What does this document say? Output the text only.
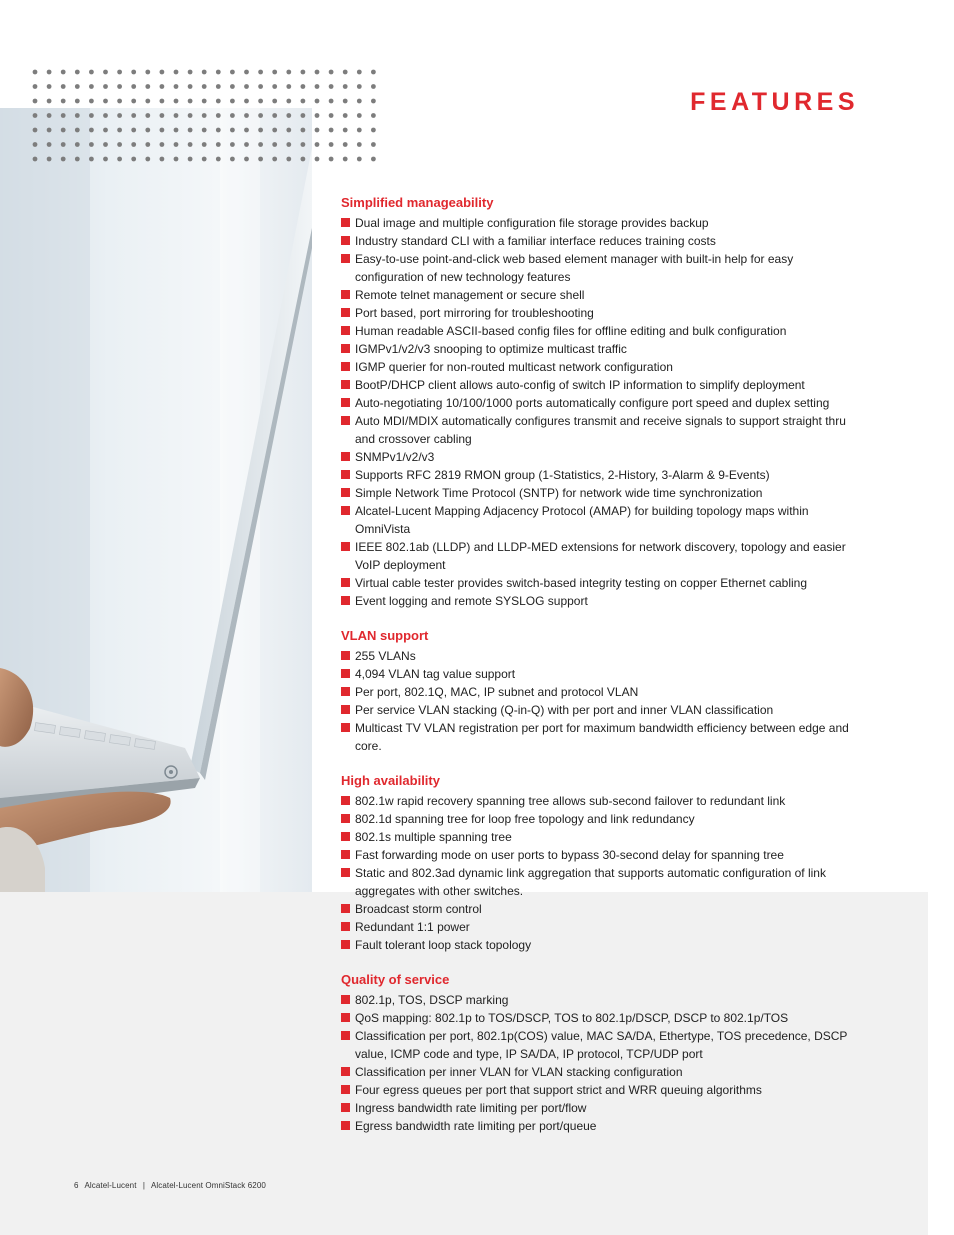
FEATURES
Simplified manageability
Dual image and multiple configuration file storage provides backup
Industry standard CLI with a familiar interface reduces training costs
Easy-to-use point-and-click web based element manager with built-in help for easy configuration of new technology features
Remote telnet management or secure shell
Port based, port mirroring for troubleshooting
Human readable ASCII-based config files for offline editing and bulk configuration
IGMPv1/v2/v3 snooping to optimize multicast traffic
IGMP querier for non-routed multicast network configuration
BootP/DHCP client allows auto-config of switch IP information to simplify deployment
Auto-negotiating 10/100/1000 ports automatically configure port speed and duplex setting
Auto MDI/MDIX automatically configures transmit and receive signals to support straight thru and crossover cabling
SNMPv1/v2/v3
Supports RFC 2819 RMON group (1-Statistics, 2-History, 3-Alarm & 9-Events)
Simple Network Time Protocol (SNTP) for network wide time synchronization
Alcatel-Lucent Mapping Adjacency Protocol (AMAP) for building topology maps within OmniVista
IEEE 802.1ab (LLDP) and LLDP-MED extensions for network discovery, topology and easier VoIP deployment
Virtual cable tester provides switch-based integrity testing on copper Ethernet cabling
Event logging and remote SYSLOG support
VLAN support
255 VLANs
4,094 VLAN tag value support
Per port, 802.1Q, MAC, IP subnet and protocol VLAN
Per service VLAN stacking (Q-in-Q) with per port and inner VLAN classification
Multicast TV VLAN registration per port for maximum bandwidth efficiency between edge and core.
High availability
802.1w rapid recovery spanning tree allows sub-second failover to redundant link
802.1d spanning tree for loop free topology and link redundancy
802.1s multiple spanning tree
Fast forwarding mode on user ports to bypass 30-second delay for spanning tree
Static and 802.3ad dynamic link aggregation that supports automatic configuration of link aggregates with other switches.
Broadcast storm control
Redundant 1:1 power
Fault tolerant loop stack topology
Quality of service
802.1p, TOS, DSCP marking
QoS mapping: 802.1p to TOS/DSCP, TOS to 802.1p/DSCP, DSCP to 802.1p/TOS
Classification per port, 802.1p(COS) value, MAC SA/DA, Ethertype, TOS precedence, DSCP value, ICMP code and type, IP SA/DA, IP protocol, TCP/UDP port
Classification per inner VLAN for VLAN stacking configuration
Four egress queues per port that support strict and WRR queuing algorithms
Ingress bandwidth rate limiting per port/flow
Egress bandwidth rate limiting per port/queue
6 Alcatel-Lucent | Alcatel-Lucent OmniStack 6200
